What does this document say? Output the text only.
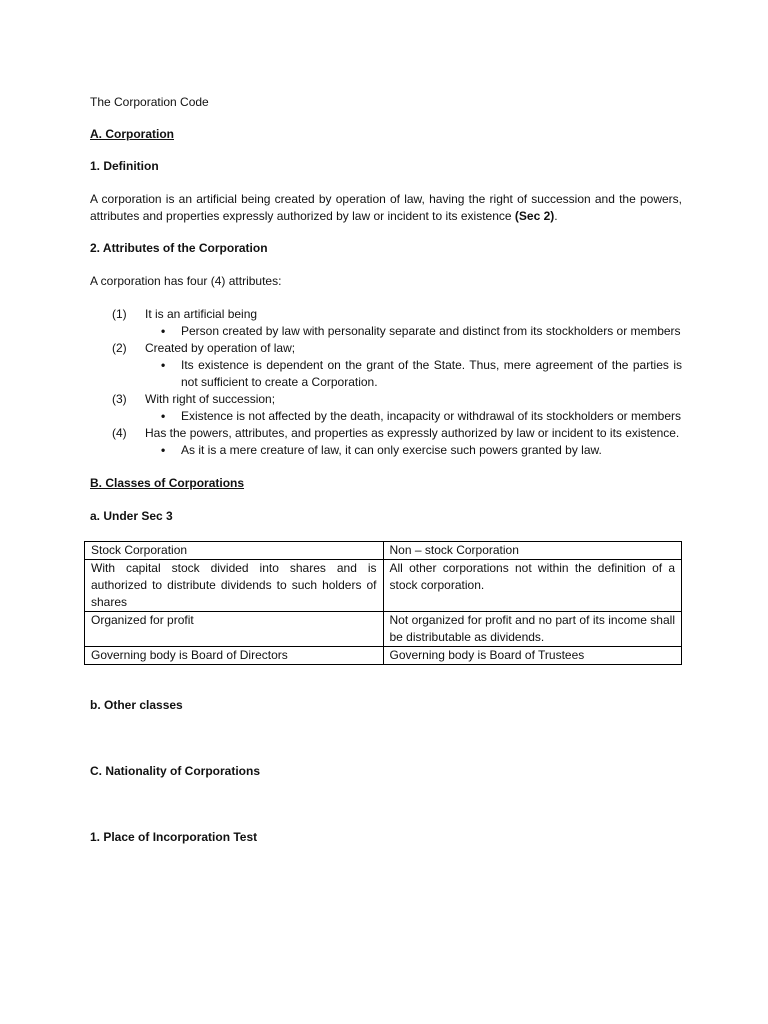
The Corporation Code

A. Corporation

1. Definition

A corporation is an artificial being created by operation of law, having the right of succession and the powers, attributes and properties expressly authorized by law or incident to its existence (Sec 2).

2. Attributes of the Corporation

A corporation has four (4) attributes:

(1) It is an artificial being
• Person created by law with personality separate and distinct from its stockholders or members
(2) Created by operation of law;
• Its existence is dependent on the grant of the State. Thus, mere agreement of the parties is not sufficient to create a Corporation.
(3) With right of succession;
• Existence is not affected by the death, incapacity or withdrawal of its stockholders or members
(4) Has the powers, attributes, and properties as expressly authorized by law or incident to its existence.
• As it is a mere creature of law, it can only exercise such powers granted by law.

B. Classes of Corporations

a. Under Sec 3

Stock Corporation	Non – stock Corporation
With capital stock divided into shares and is authorized to distribute dividends to such holders of shares	All other corporations not within the definition of a stock corporation.
Organized for profit	Not organized for profit and no part of its income shall be distributable as dividends.
Governing body is Board of Directors	Governing body is Board of Trustees

b. Other classes

C. Nationality of Corporations

1. Place of Incorporation Test
